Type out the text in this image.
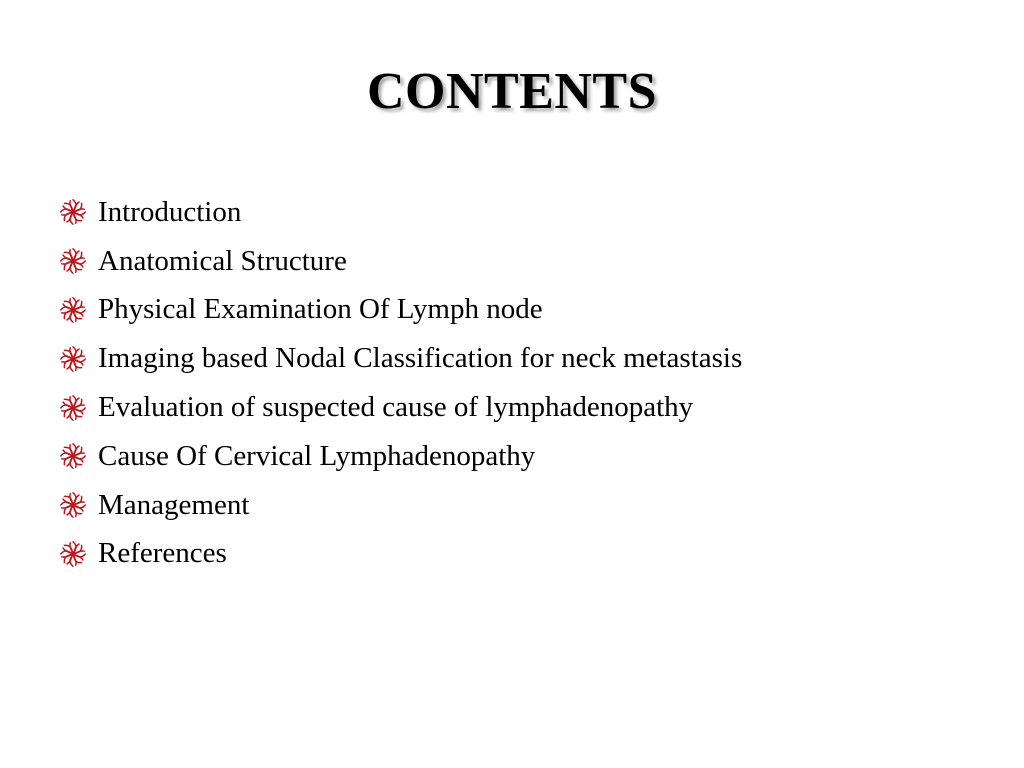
CONTENTS
Introduction
Anatomical Structure
Physical Examination Of Lymph node
Imaging based Nodal Classification for neck metastasis
Evaluation of suspected cause of lymphadenopathy
Cause Of Cervical Lymphadenopathy
Management
References
